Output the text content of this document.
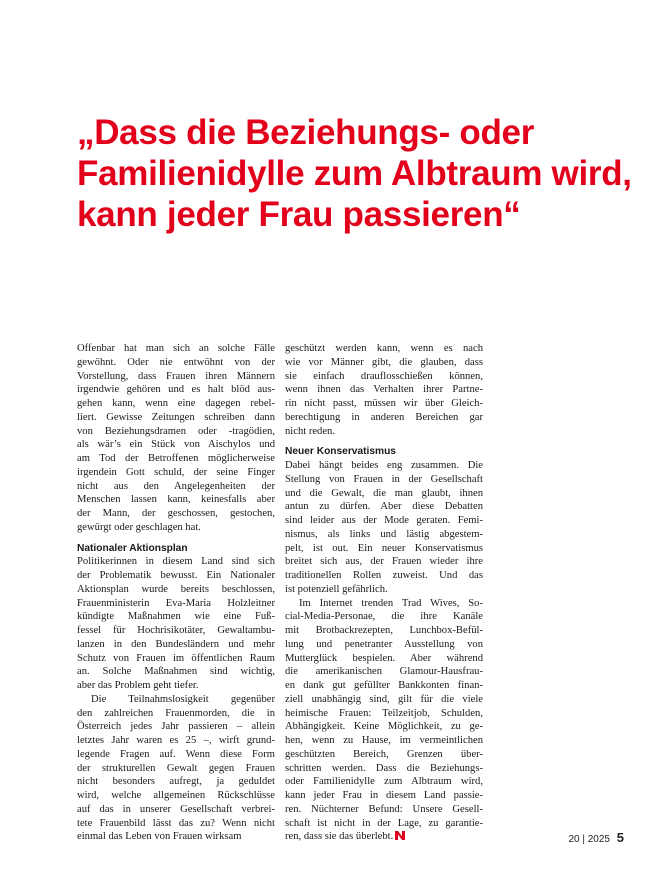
„Dass die Beziehungs- oder
Familienidylle zum Albtraum wird,
kann jeder Frau passieren“
Offenbar hat man sich an solche Fälle
gewöhnt. Oder nie entwöhnt von der
Vorstellung, dass Frauen ihren Männern
irgendwie gehören und es halt blöd aus-
gehen kann, wenn eine dagegen rebel-
liert. Gewisse Zeitungen schreiben dann
von Beziehungsdramen oder -tragödien,
als wär’s ein Stück von Aischylos und
am Tod der Betroffenen möglicherweise
irgendein Gott schuld, der seine Finger
nicht aus den Angelegenheiten der
Menschen lassen kann, keinesfalls aber
der Mann, der geschossen, gestochen,
gewürgt oder geschlagen hat.
Nationaler Aktionsplan
Politikerinnen in diesem Land sind sich
der Problematik bewusst. Ein Nationaler
Aktionsplan wurde bereits beschlossen,
Frauenministerin Eva-Maria Holzleitner
kündigte Maßnahmen wie eine Fuß-
fessel für Hochrisikotäter, Gewaltambu-
lanzen in den Bundesländern und mehr
Schutz von Frauen im öffentlichen Raum
an. Solche Maßnahmen sind wichtig,
aber das Problem geht tiefer.
Die Teilnahmslosigkeit gegenüber
den zahlreichen Frauenmorden, die in
Österreich jedes Jahr passieren – allein
letztes Jahr waren es 25 –, wirft grund-
legende Fragen auf. Wenn diese Form
der strukturellen Gewalt gegen Frauen
nicht besonders aufregt, ja geduldet
wird, welche allgemeinen Rückschlüsse
auf das in unserer Gesellschaft verbrei-
tete Frauenbild lässt das zu? Wenn nicht
einmal das Leben von Frauen wirksam
geschützt werden kann, wenn es nach
wie vor Männer gibt, die glauben, dass
sie einfach drauflosschießen können,
wenn ihnen das Verhalten ihrer Partne-
rin nicht passt, müssen wir über Gleich-
berechtigung in anderen Bereichen gar
nicht reden.
Neuer Konservatismus
Dabei hängt beides eng zusammen. Die
Stellung von Frauen in der Gesellschaft
und die Gewalt, die man glaubt, ihnen
antun zu dürfen. Aber diese Debatten
sind leider aus der Mode geraten. Femi-
nismus, als links und lästig abgestem-
pelt, ist out. Ein neuer Konservatismus
breitet sich aus, der Frauen wieder ihre
traditionellen Rollen zuweist. Und das
ist potenziell gefährlich.
Im Internet trenden Trad Wives, So-
cial-Media-Personae, die ihre Kanäle
mit Brotbackrezepten, Lunchbox-Befül-
lung und penetranter Ausstellung von
Mutterglück bespielen. Aber während
die amerikanischen Glamour-Hausfrau-
en dank gut gefüllter Bankkonten finan-
ziell unabhängig sind, gilt für die viele
heimische Frauen: Teilzeitjob, Schulden,
Abhängigkeit. Keine Möglichkeit, zu ge-
hen, wenn zu Hause, im vermeintlichen
geschützten Bereich, Grenzen über-
schritten werden. Dass die Beziehungs-
oder Familienidylle zum Albtraum wird,
kann jeder Frau in diesem Land passie-
ren. Nüchterner Befund: Unsere Gesell-
schaft ist nicht in der Lage, zu garantie-
ren, dass sie das überlebt.	20 | 2025 5
